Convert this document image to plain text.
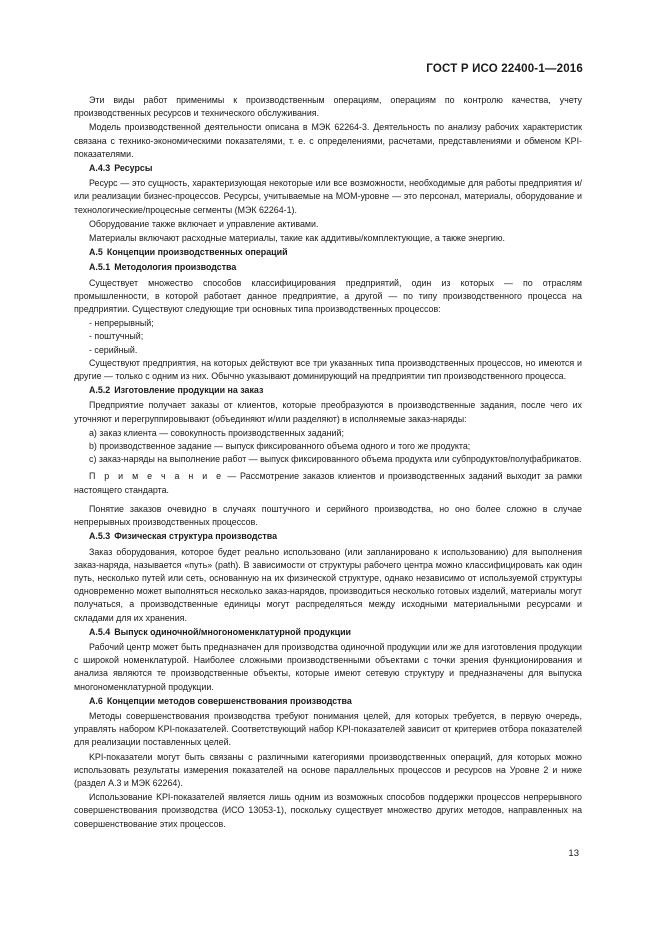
ГОСТ Р ИСО 22400-1—2016

Эти виды работ применимы к производственным операциям, операциям по контролю качества, учету производственных ресурсов и технического обслуживания.

Модель производственной деятельности описана в МЭК 62264-3. Деятельность по анализу рабочих характеристик связана с технико-экономическими показателями, т. е. с определениями, расчетами, представлениями и обменом KPI-показателями.

А.4.3 Ресурсы

Ресурс — это сущность, характеризующая некоторые или все возможности, необходимые для работы предприятия и/или реализации бизнес-процессов. Ресурсы, учитываемые на МОМ-уровне — это персонал, материалы, оборудование и технологические/процесные сегменты (МЭК 62264-1).

Оборудование также включает и управление активами.

Материалы включают расходные материалы, такие как аддитивы/комплектующие, а также энергию.

А.5 Концепции производственных операций

А.5.1 Методология производства

Существует множество способов классифицирования предприятий, один из которых — по отраслям промышленности, в которой работает данное предприятие, а другой — по типу производственного процесса на предприятии. Существуют следующие три основных типа производственных процессов:

- непрерывный;

- поштучный;

- серийный.

Существуют предприятия, на которых действуют все три указанных типа производственных процессов, но имеются и другие — только с одним из них. Обычно указывают доминирующий на предприятии тип производственного процесса.

А.5.2 Изготовление продукции на заказ

Предприятие получает заказы от клиентов, которые преобразуются в производственные задания, после чего их уточняют и перегруппировывают (объединяют и/или разделяют) в исполняемые заказ-наряды:

а) заказ клиента — совокупность производственных заданий;

b) производственное задание — выпуск фиксированного объема одного и того же продукта;

c) заказ-наряды на выполнение работ — выпуск фиксированного объема продукта или субпродуктов/полуфабрикатов.

П р и м е ч а н и е — Рассмотрение заказов клиентов и производственных заданий выходит за рамки настоящего стандарта.

Понятие заказов очевидно в случаях поштучного и серийного производства, но оно более сложно в случае непрерывных производственных процессов.

А.5.3 Физическая структура производства

Заказ оборудования, которое будет реально использовано (или запланировано к использованию) для выполнения заказ-наряда, называется «путь» (path). В зависимости от структуры рабочего центра можно классифицировать как один путь, несколько путей или сеть, основанную на их физической структуре, однако независимо от используемой структуры одновременно может выполняться несколько заказ-нарядов, производиться несколько готовых изделий, материалы могут получаться, а производственные единицы могут распределяться между исходными материальными ресурсами и складами для их хранения.

А.5.4 Выпуск одиночной/многономенклатурной продукции

Рабочий центр может быть предназначен для производства одиночной продукции или же для изготовления продукции с широкой номенклатурой. Наиболее сложными производственными объектами с точки зрения функционирования и анализа являются те производственные объекты, которые имеют сетевую структуру и предназначены для выпуска многономенклатурной продукции.

А.6 Концепции методов совершенствования производства

Методы совершенствования производства требуют понимания целей, для которых требуется, в первую очередь, управлять набором KPI-показателей. Соответствующий набор KPI-показателей зависит от критериев отбора показателей для реализации поставленных целей.

KPI-показатели могут быть связаны с различными категориями производственных операций, для которых можно использовать результаты измерения показателей на основе параллельных процессов и ресурсов на Уровне 2 и ниже (раздел А.3 и МЭК 62264).

Использование KPI-показателей является лишь одним из возможных способов поддержки процессов непрерывного совершенствования производства (ИСО 13053-1), поскольку существует множество других методов, направленных на совершенствование этих процессов.

13
